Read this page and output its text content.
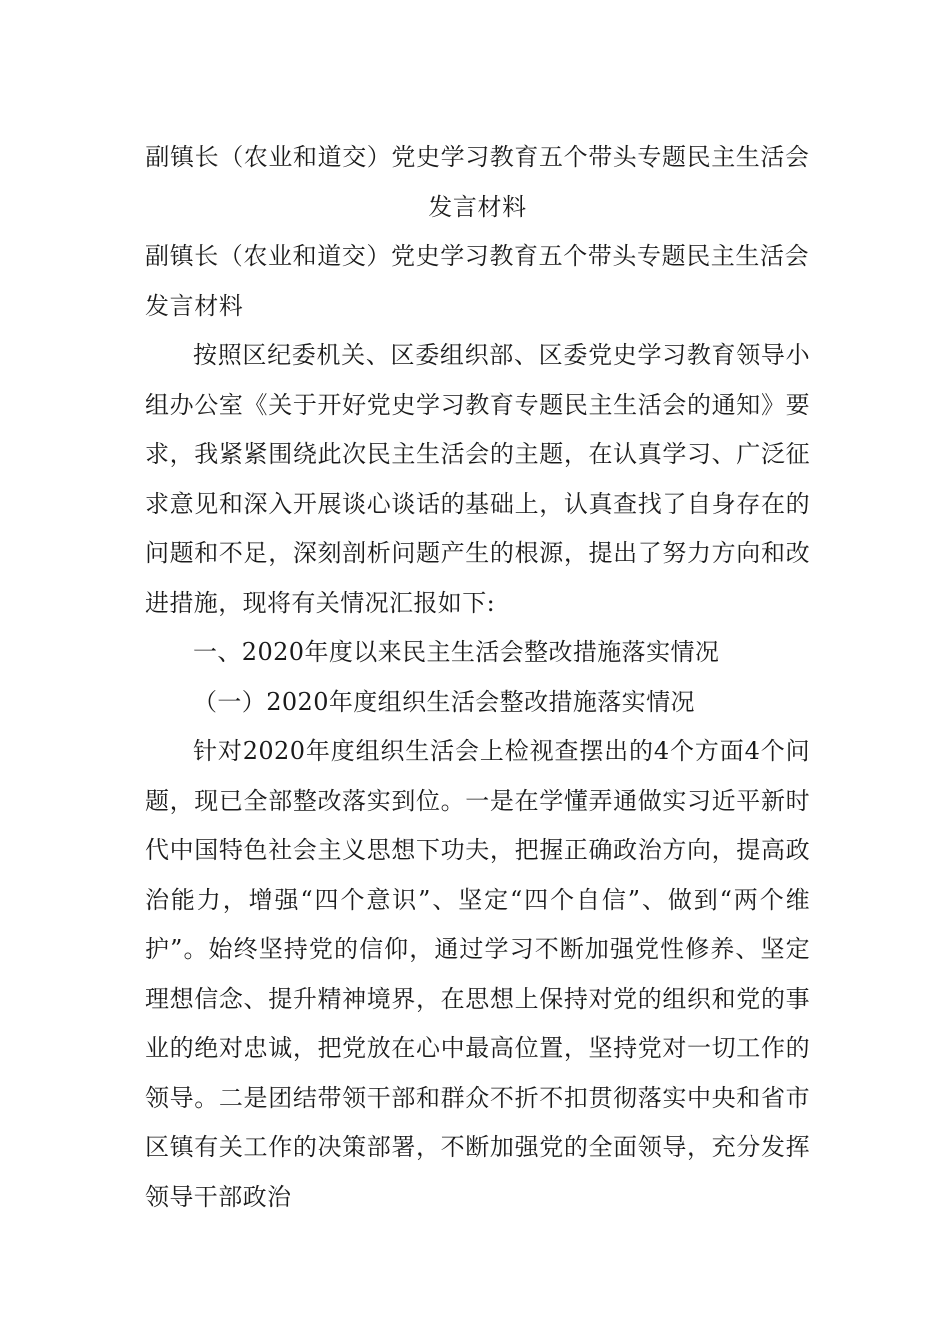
副镇长（农业和道交）党史学习教育五个带头专题民主生活会发言材料

副镇长（农业和道交）党史学习教育五个带头专题民主生活会发言材料

按照区纪委机关、区委组织部、区委党史学习教育领导小组办公室《关于开好党史学习教育专题民主生活会的通知》要求，我紧紧围绕此次民主生活会的主题，在认真学习、广泛征求意见和深入开展谈心谈话的基础上，认真查找了自身存在的问题和不足，深刻剖析问题产生的根源，提出了努力方向和改进措施，现将有关情况汇报如下:

一、2020年度以来民主生活会整改措施落实情况

（一）2020年度组织生活会整改措施落实情况

针对2020年度组织生活会上检视查摆出的4个方面4个问题，现已全部整改落实到位。一是在学懂弄通做实习近平新时代中国特色社会主义思想下功夫，把握正确政治方向，提高政治能力，增强“四个意识”、坚定“四个自信”、做到“两个维护”。始终坚持党的信仰，通过学习不断加强党性修养、坚定理想信念、提升精神境界，在思想上保持对党的组织和党的事业的绝对忠诚，把党放在心中最高位置，坚持党对一切工作的领导。二是团结带领干部和群众不折不扣贯彻落实中央和省市区镇有关工作的决策部署，不断加强党的全面领导，充分发挥领导干部政治
